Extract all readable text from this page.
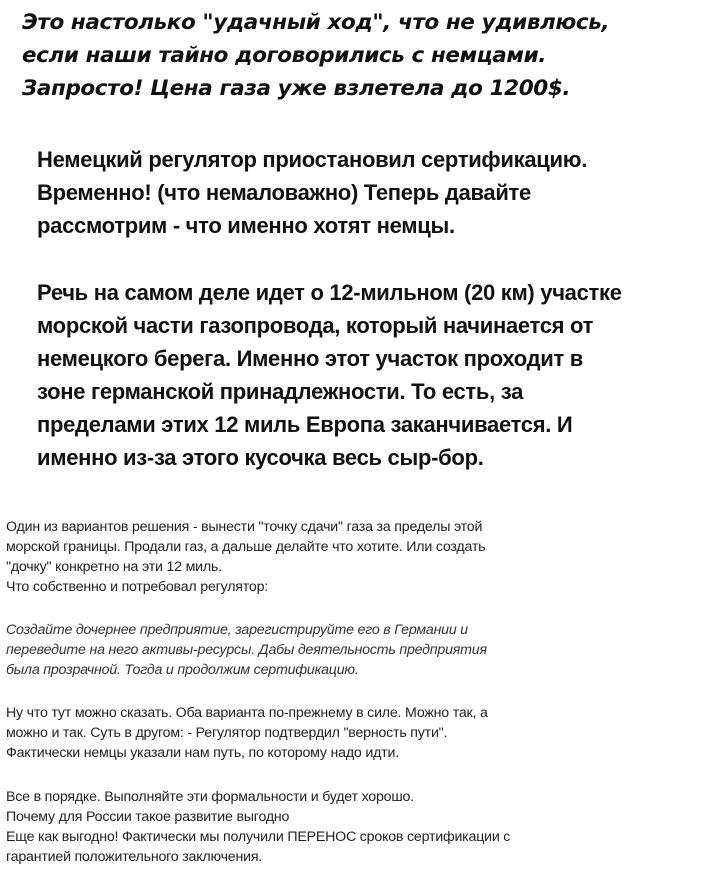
Это настолько "удачный ход", что не удивлюсь,
если наши тайно договорились с немцами.
Запросто! Цена газа уже взлетела до 1200$.

Немецкий регулятор приостановил сертификацию.
Временно! (что немаловажно) Теперь давайте
рассмотрим - что именно хотят немцы.

Речь на самом деле идет о 12-мильном (20 км) участке
морской части газопровода, который начинается от
немецкого берега. Именно этот участок проходит в
зоне германской принадлежности. То есть, за
пределами этих 12 миль Европа заканчивается. И
именно из-за этого кусочка весь сыр-бор.

Один из вариантов решения - вынести "точку сдачи" газа за пределы этой
морской границы. Продали газ, а дальше делайте что хотите. Или создать
"дочку" конкретно на эти 12 миль.
Что собственно и потребовал регулятор:

Создайте дочернее предприятие, зарегистрируйте его в Германии и
переведите на него активы-ресурсы. Дабы деятельность предприятия
была прозрачной. Тогда и продолжим сертификацию.

Ну что тут можно сказать. Оба варианта по-прежнему в силе. Можно так, а
можно и так. Суть в другом: - Регулятор подтвердил "верность пути".
Фактически немцы указали нам путь, по которому надо идти.

Все в порядке. Выполняйте эти формальности и будет хорошо.
Почему для России такое развитие выгодно
Еще как выгодно! Фактически мы получили ПЕРЕНОС сроков сертификации с
гарантией положительного заключения.
